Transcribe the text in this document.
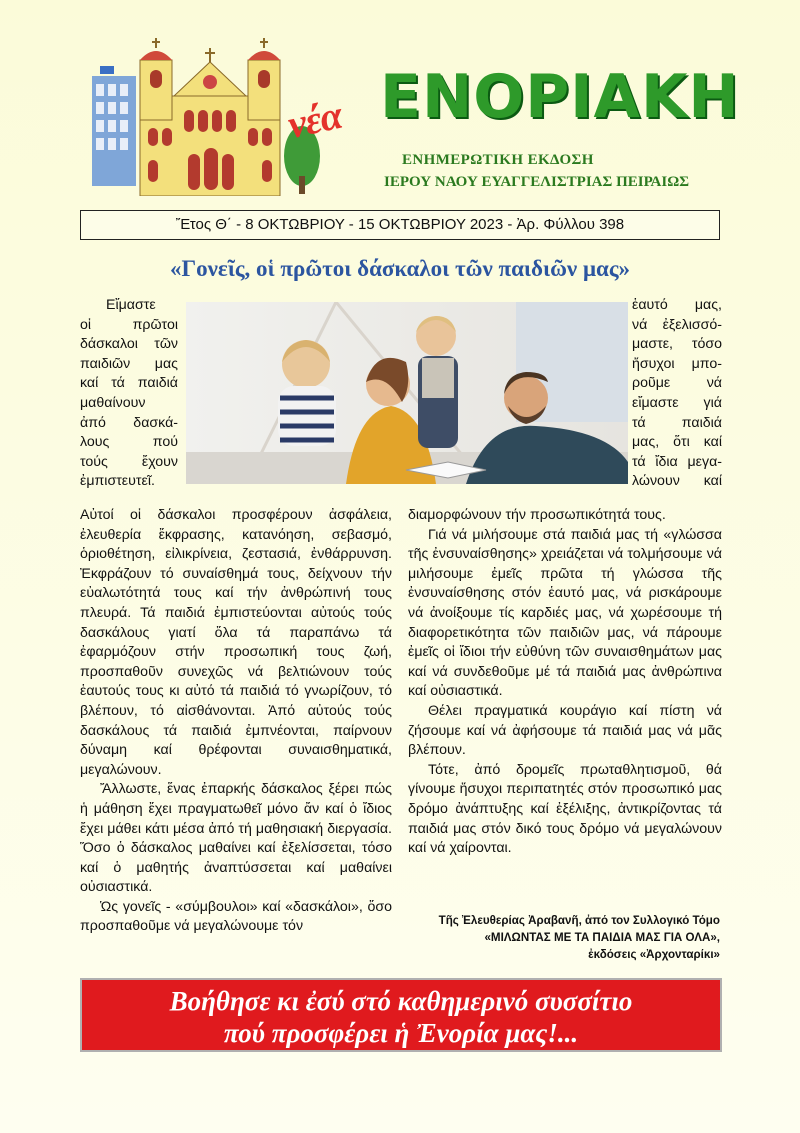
νέα ΕΝΟΡΙΑΚΗ
ΕΝΗΜΕΡΩΤΙΚΗ ΕΚΔΟΣΗ
ΙΕΡΟΥ ΝΑΟΥ ΕΥΑΓΓΕΛΙΣΤΡΙΑΣ ΠΕΙΡΑΙΩΣ
Ἔτος Θ΄ - 8 ΟΚΤΩΒΡΙΟΥ - 15 ΟΚΤΩΒΡΙΟΥ 2023 - Ἀρ. Φύλλου 398
«Γονεῖς, οἱ πρῶτοι δάσκαλοι τῶν παιδιῶν μας»
Εἴμαστε
οἱ πρῶτοι
δάσκαλοι τῶν
παιδιῶν μας
καί τά παιδιά
μαθαίνουν
ἀπό δασκά-
λους πού
τούς ἔχουν
ἐμπιστευτεῖ.
ἑαυτό μας,
νά ἐξελισσό-
μαστε, τόσο
ἤσυχοι μπο-
ροῦμε νά
εἴμαστε γιά
τά παιδιά
μας, ὅτι καί
τά ἴδια μεγα-
λώνουν καί

Αὐτοί οἱ δάσκαλοι προσφέρουν ἀσφάλεια, ἐλευθερία ἔκφρασης, κατανόηση, σεβασμό, ὁριοθέτηση, εἰλικρίνεια, ζεστασιά, ἐνθάρρυνση. Ἐκφράζουν τό συναίσθημά τους, δείχνουν τήν εὐαλωτότητά τους καί τήν ἀνθρώπινή τους πλευρά. Τά παιδιά ἐμπιστεύονται αὐτούς τούς δασκάλους γιατί ὅλα τά παραπάνω τά ἐφαρμόζουν στήν προσωπική τους ζωή, προσπαθοῦν συνεχῶς νά βελτιώνουν τούς ἑαυτούς τους κι αὐτό τά παιδιά τό γνωρίζουν, τό βλέπουν, τό αἰσθάνονται. Ἀπό αὐτούς τούς δασκάλους τά παιδιά ἐμπνέονται, παίρνουν δύναμη καί θρέφονται συναισθηματικά, μεγαλώνουν.

Ἄλλωστε, ἕνας ἐπαρκής δάσκαλος ξέρει πώς ἡ μάθηση ἔχει πραγματωθεῖ μόνο ἄν καί ὁ ἴδιος ἔχει μάθει κάτι μέσα ἀπό τή μαθησιακή διεργασία. Ὅσο ὁ δάσκαλος μαθαίνει καί ἐξελίσσεται, τόσο καί ὁ μαθητής ἀναπτύσσεται καί μαθαίνει οὐσιαστικά.

Ὡς γονεῖς - «σύμβουλοι» καί «δασκάλοι», ὅσο προσπαθοῦμε νά μεγαλώνουμε τόν

διαμορφώνουν τήν προσωπικότητά τους.

Γιά νά μιλήσουμε στά παιδιά μας τή «γλώσσα τῆς ἐνσυναίσθησης» χρειάζεται νά τολμήσουμε νά μιλήσουμε ἐμεῖς πρῶτα τή γλώσσα τῆς ἐνσυναίσθησης στόν ἑαυτό μας, νά ρισκάρουμε νά ἀνοίξουμε τίς καρδιές μας, νά χωρέσουμε τή διαφορετικότητα τῶν παιδιῶν μας, νά πάρουμε ἐμεῖς οἱ ἴδιοι τήν εὐθύνη τῶν συναισθημάτων μας καί νά συνδεθοῦμε μέ τά παιδιά μας ἀνθρώπινα καί οὐσιαστικά.

Θέλει πραγματικά κουράγιο καί πίστη νά ζήσουμε καί νά ἀφήσουμε τά παιδιά μας νά μᾶς βλέπουν.

Τότε, ἀπό δρομεῖς πρωταθλητισμοῦ, θά γίνουμε ἥσυχοι περιπατητές στόν προσωπικό μας δρόμο ἀνάπτυξης καί ἐξέλιξης, ἀντικρίζοντας τά παιδιά μας στόν δικό τους δρόμο νά μεγαλώνουν καί νά χαίρονται.

Τῆς Ἐλευθερίας Ἀραβανῆ, ἀπό τον Συλλογικό Τόμο
«ΜΙΛΩΝΤΑΣ ΜΕ ΤΑ ΠΑΙΔΙΑ ΜΑΣ ΓΙΑ ΟΛΑ»,
ἐκδόσεις «Ἀρχονταρίκι»
Βοήθησε κι ἐσύ στό καθημερινό συσσίτιο
πού προσφέρει ἡ Ἐνορία μας!...
